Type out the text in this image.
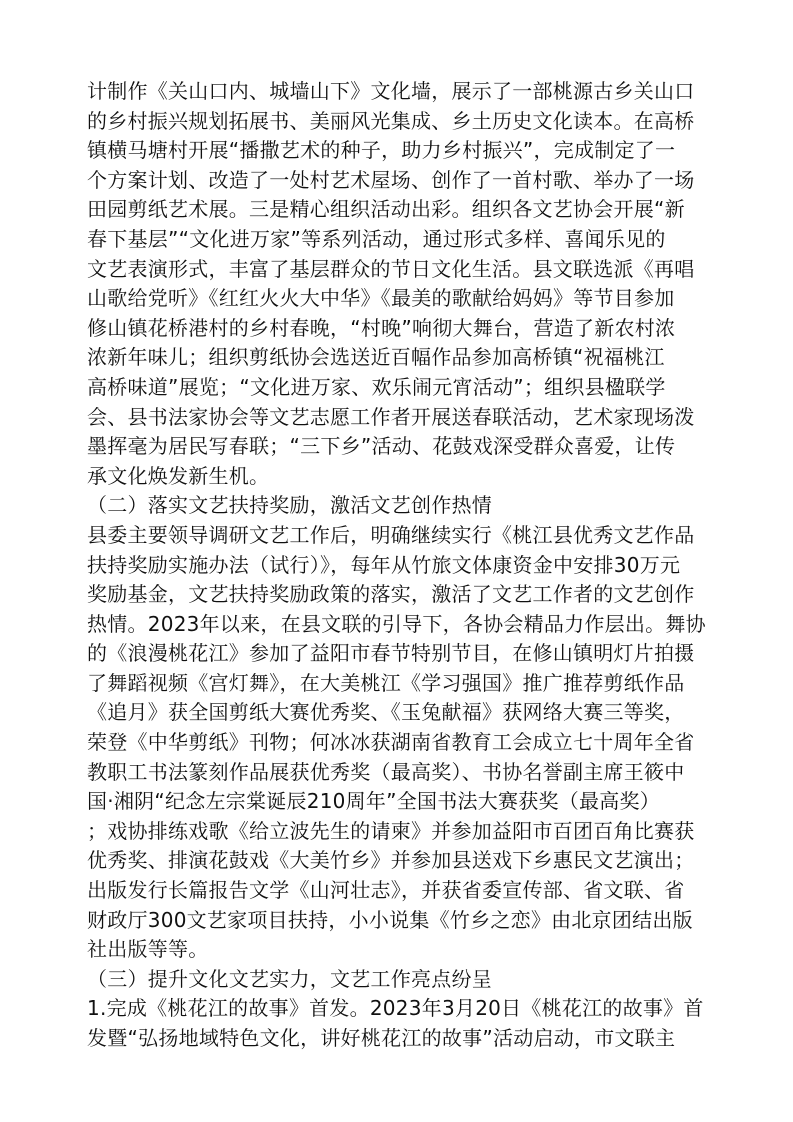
计制作《关山口内、城墙山下》文化墙，展示了一部桃源古乡关山口
的乡村振兴规划拓展书、美丽风光集成、乡土历史文化读本。在高桥
镇横马塘村开展“播撒艺术的种子，助力乡村振兴”，完成制定了一
个方案计划、改造了一处村艺术屋场、创作了一首村歌、举办了一场
田园剪纸艺术展。三是精心组织活动出彩。组织各文艺协会开展“新
春下基层”“文化进万家”等系列活动，通过形式多样、喜闻乐见的
文艺表演形式，丰富了基层群众的节日文化生活。县文联选派《再唱
山歌给党听》《红红火火大中华》《最美的歌献给妈妈》等节目参加
修山镇花桥港村的乡村春晚，“村晚”响彻大舞台，营造了新农村浓
浓新年味儿；组织剪纸协会选送近百幅作品参加高桥镇“祝福桃江
高桥味道”展览；“文化进万家、欢乐闹元宵活动”；组织县楹联学
会、县书法家协会等文艺志愿工作者开展送春联活动，艺术家现场泼
墨挥毫为居民写春联；“三下乡”活动、花鼓戏深受群众喜爱，让传
承文化焕发新生机。
（二）落实文艺扶持奖励，激活文艺创作热情
县委主要领导调研文艺工作后，明确继续实行《桃江县优秀文艺作品
扶持奖励实施办法（试行）》，每年从竹旅文体康资金中安排30万元
奖励基金，文艺扶持奖励政策的落实，激活了文艺工作者的文艺创作
热情。2023年以来，在县文联的引导下，各协会精品力作层出。舞协
的《浪漫桃花江》参加了益阳市春节特别节目，在修山镇明灯片拍摄
了舞蹈视频《宫灯舞》，在大美桃江《学习强国》推广推荐剪纸作品
《追月》获全国剪纸大赛优秀奖、《玉兔献福》获网络大赛三等奖，
荣登《中华剪纸》刊物；何冰冰获湖南省教育工会成立七十周年全省
教职工书法篆刻作品展获优秀奖（最高奖）、书协名誉副主席王筱中
国·湘阴“纪念左宗棠诞辰210周年”全国书法大赛获奖（最高奖）
；戏协排练戏歌《给立波先生的请柬》并参加益阳市百团百角比赛获
优秀奖、排演花鼓戏《大美竹乡》并参加县送戏下乡惠民文艺演出；
出版发行长篇报告文学《山河壮志》，并获省委宣传部、省文联、省
财政厅300文艺家项目扶持，小小说集《竹乡之恋》由北京团结出版
社出版等等。
（三）提升文化文艺实力，文艺工作亮点纷呈
1.完成《桃花江的故事》首发。2023年3月20日《桃花江的故事》首
发暨“弘扬地域特色文化，讲好桃花江的故事”活动启动，市文联主
